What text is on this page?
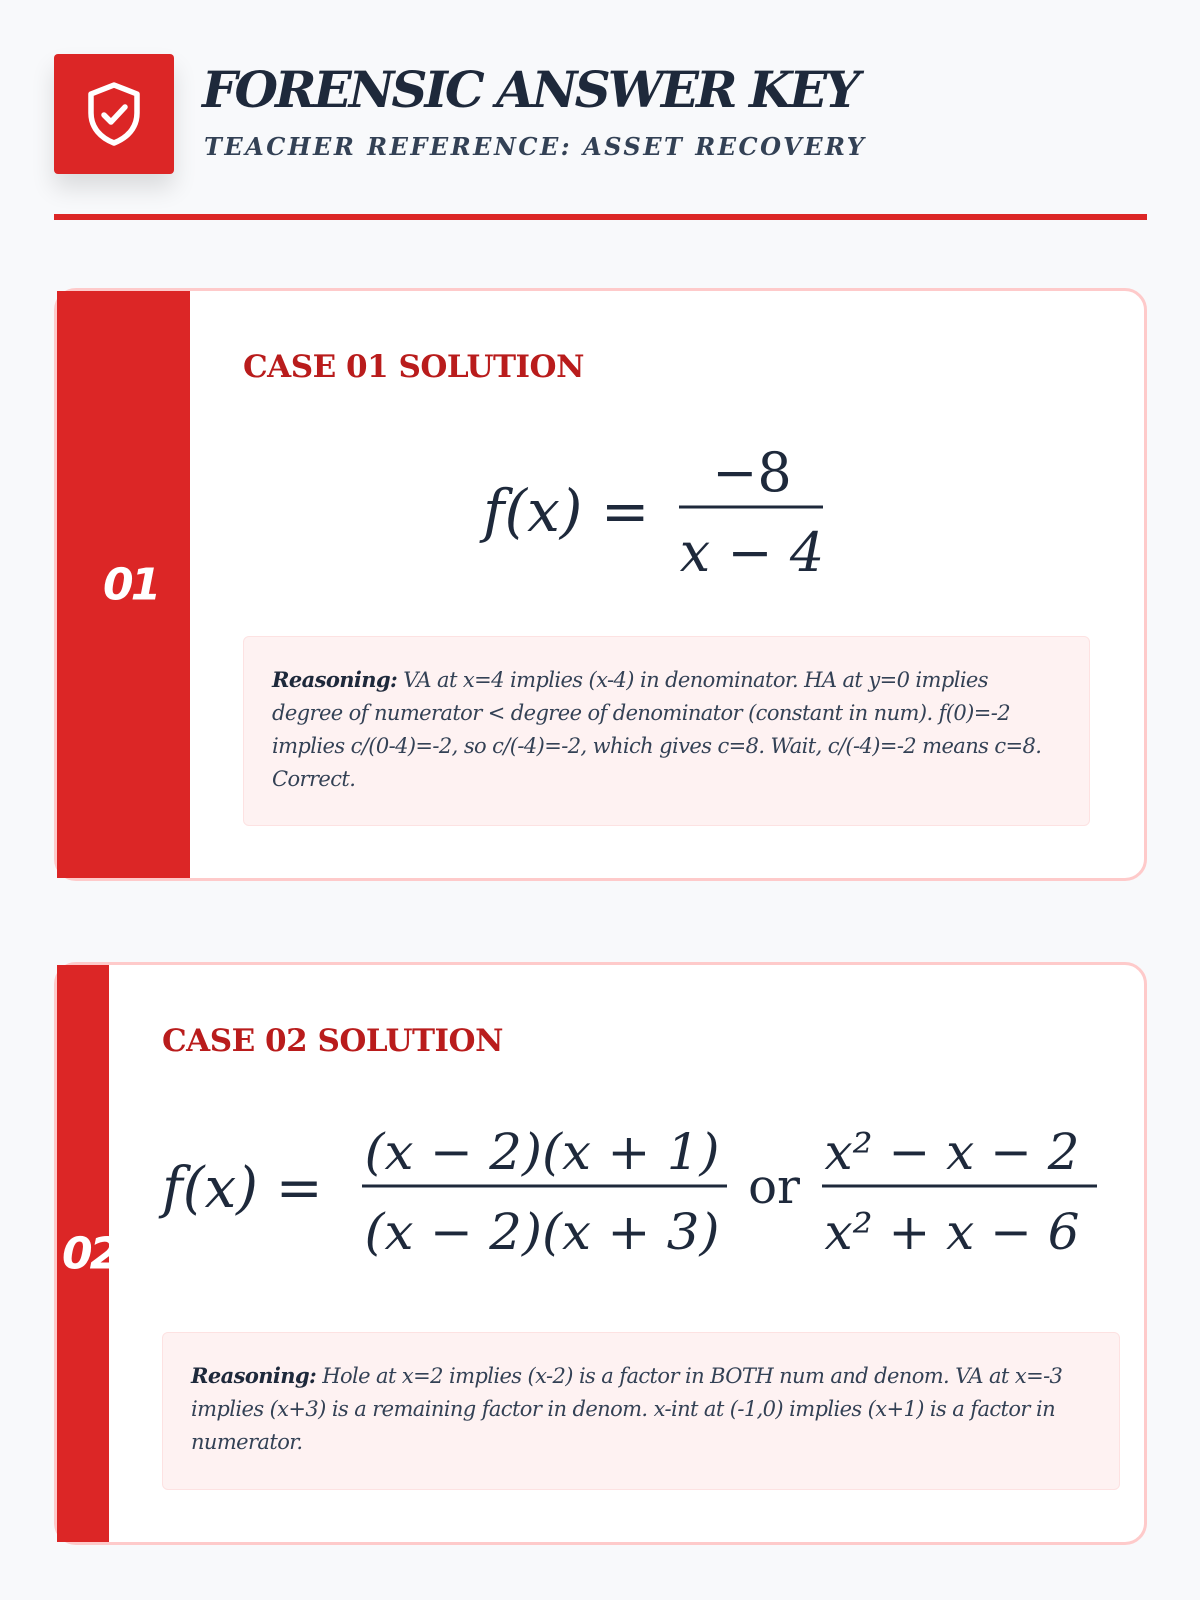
FORENSIC ANSWER KEY
TEACHER REFERENCE: ASSET RECOVERY
01
CASE 01 SOLUTION
f(x) =
−8
x − 4
Reasoning: VA at x=4 implies (x-4) in denominator. HA at y=0 implies degree of numerator < degree of denominator (constant in num). f(0)=-2 implies c/(0-4)=-2, so c/(-4)=-2, which gives c=8. Wait, c/(-4)=-2 means c=8. Correct.
02
CASE 02 SOLUTION
f(x) =
(x − 2)(x + 1)
(x − 2)(x + 3)
or
x² − x − 2
x² + x − 6
Reasoning: Hole at x=2 implies (x-2) is a factor in BOTH num and denom. VA at x=-3 implies (x+3) is a remaining factor in denom. x-int at (-1,0) implies (x+1) is a factor in numerator.
